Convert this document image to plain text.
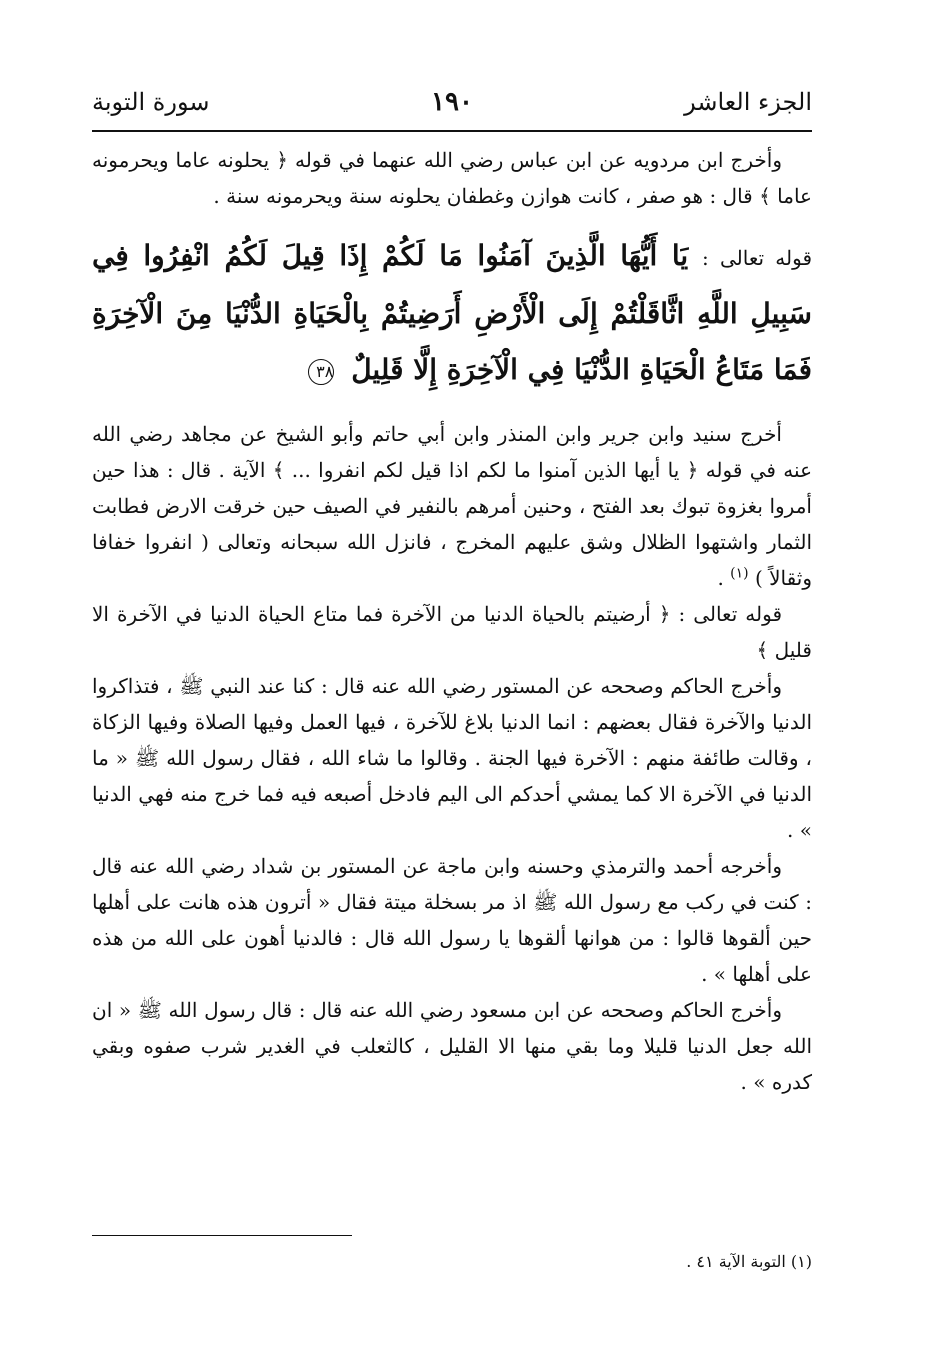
الجزء العاشر
١٩٠
سورة التوبة

وأخرج ابن مردويه عن ابن عباس رضي الله عنهما في قوله ﴿ يحلونه عاما ويحرمونه عاما ﴾ قال : هو صفر ، كانت هوازن وغطفان يحلونه سنة ويحرمونه سنة .

قوله تعالى : يَا أَيُّهَا الَّذِينَ آمَنُوا مَا لَكُمْ إِذَا قِيلَ لَكُمُ انْفِرُوا فِي سَبِيلِ اللَّهِ اثَّاقَلْتُمْ إِلَى الْأَرْضِ أَرَضِيتُمْ بِالْحَيَاةِ الدُّنْيَا مِنَ الْآخِرَةِ فَمَا مَتَاعُ الْحَيَاةِ الدُّنْيَا فِي الْآخِرَةِ إِلَّا قَلِيلٌ ٣٨

أخرج سنيد وابن جرير وابن المنذر وابن أبي حاتم وأبو الشيخ عن مجاهد رضي الله عنه في قوله ﴿ يا أيها الذين آمنوا ما لكم اذا قيل لكم انفروا ... ﴾ الآية . قال : هذا حين أمروا بغزوة تبوك بعد الفتح ، وحنين أمرهم بالنفير في الصيف حين خرقت الارض فطابت الثمار واشتهوا الظلال وشق عليهم المخرج ، فانزل الله سبحانه وتعالى ( انفروا خفافا وثقالاً ) $^{(١)}$ .

قوله تعالى : ﴿ أرضيتم بالحياة الدنيا من الآخرة فما متاع الحياة الدنيا في الآخرة الا قليل ﴾

وأخرج الحاكم وصححه عن المستور رضي الله عنه قال : كنا عند النبي ﷺ ، فتذاكروا الدنيا والآخرة فقال بعضهم : انما الدنيا بلاغ للآخرة ، فيها العمل وفيها الصلاة وفيها الزكاة ، وقالت طائفة منهم : الآخرة فيها الجنة . وقالوا ما شاء الله ، فقال رسول الله ﷺ « ما الدنيا في الآخرة الا كما يمشي أحدكم الى اليم فادخل أصبعه فيه فما خرج منه فهي الدنيا » .

وأخرجه أحمد والترمذي وحسنه وابن ماجة عن المستور بن شداد رضي الله عنه قال : كنت في ركب مع رسول الله ﷺ اذ مر بسخلة ميتة فقال « أترون هذه هانت على أهلها حين ألقوها قالوا : من هوانها ألقوها يا رسول الله قال : فالدنيا أهون على الله من هذه على أهلها » .

وأخرج الحاكم وصححه عن ابن مسعود رضي الله عنه قال : قال رسول الله ﷺ « ان الله جعل الدنيا قليلا وما بقي منها الا القليل ، كالثعلب في الغدير شرب صفوه وبقي كدره » .

(١) التوبة الآية ٤١ .
